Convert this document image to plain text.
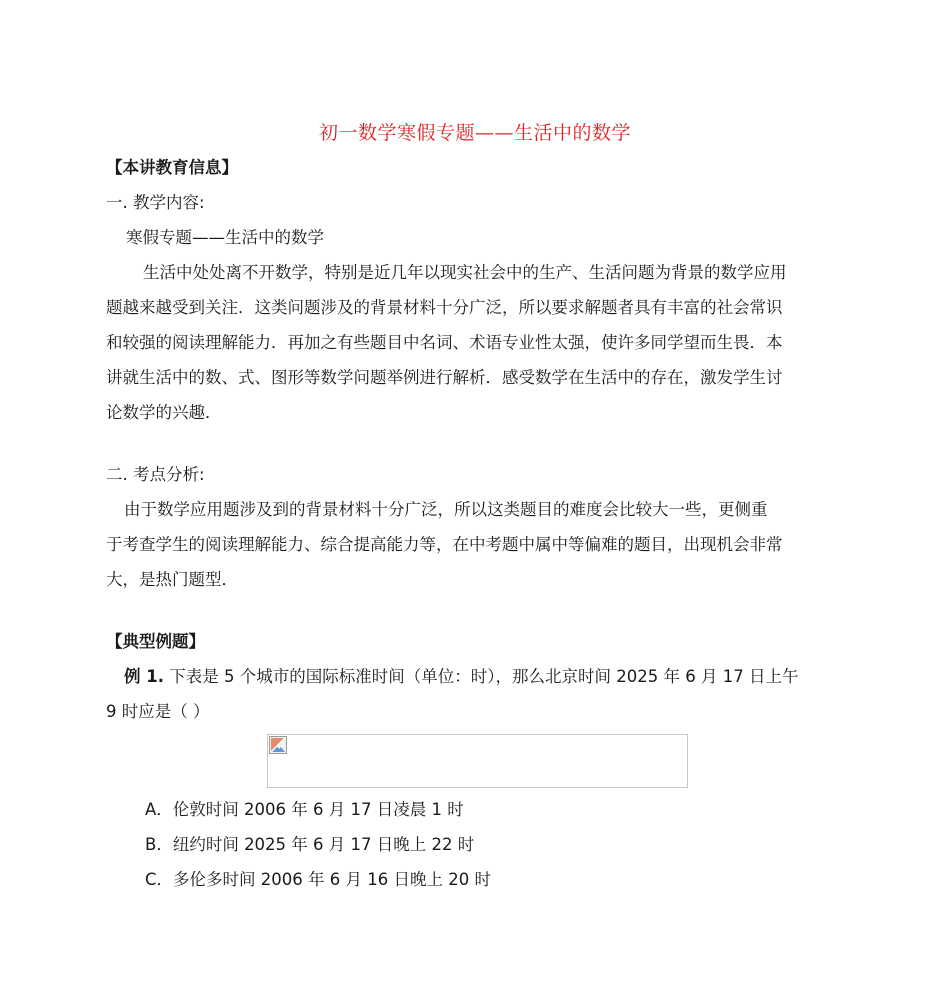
初一数学寒假专题——生活中的数学
【本讲教育信息】
一. 教学内容:
寒假专题——生活中的数学
生活中处处离不开数学，特别是近几年以现实社会中的生产、生活问题为背景的数学应用
题越来越受到关注．这类问题涉及的背景材料十分广泛，所以要求解题者具有丰富的社会常识
和较强的阅读理解能力．再加之有些题目中名词、术语专业性太强，使许多同学望而生畏．本
讲就生活中的数、式、图形等数学问题举例进行解析．感受数学在生活中的存在，激发学生讨
论数学的兴趣．
二. 考点分析:
由于数学应用题涉及到的背景材料十分广泛，所以这类题目的难度会比较大一些，更侧重
于考查学生的阅读理解能力、综合提高能力等，在中考题中属中等偏难的题目，出现机会非常
大，是热门题型．
【典型例题】
例 1. 下表是 5 个城市的国际标准时间（单位：时），那么北京时间 2025 年 6 月 17 日上午
9 时应是（ ）
A．伦敦时间 2006 年 6 月 17 日凌晨 1 时
B．纽约时间 2025 年 6 月 17 日晚上 22 时
C．多伦多时间 2006 年 6 月 16 日晚上 20 时
